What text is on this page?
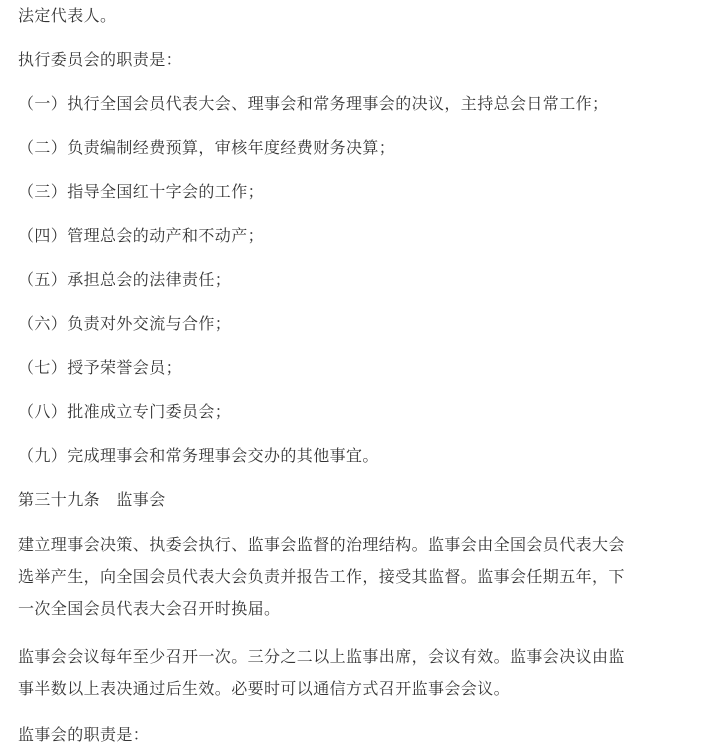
法定代表人。
执行委员会的职责是：
（一）执行全国会员代表大会、理事会和常务理事会的决议，主持总会日常工作；
（二）负责编制经费预算，审核年度经费财务决算；
（三）指导全国红十字会的工作；
（四）管理总会的动产和不动产；
（五）承担总会的法律责任；
（六）负责对外交流与合作；
（七）授予荣誉会员；
（八）批准成立专门委员会；
（九）完成理事会和常务理事会交办的其他事宜。
第三十九条　监事会
建立理事会决策、执委会执行、监事会监督的治理结构。监事会由全国会员代表大会
选举产生，向全国会员代表大会负责并报告工作，接受其监督。监事会任期五年，下
一次全国会员代表大会召开时换届。
监事会会议每年至少召开一次。三分之二以上监事出席，会议有效。监事会决议由监
事半数以上表决通过后生效。必要时可以通信方式召开监事会会议。
监事会的职责是：
